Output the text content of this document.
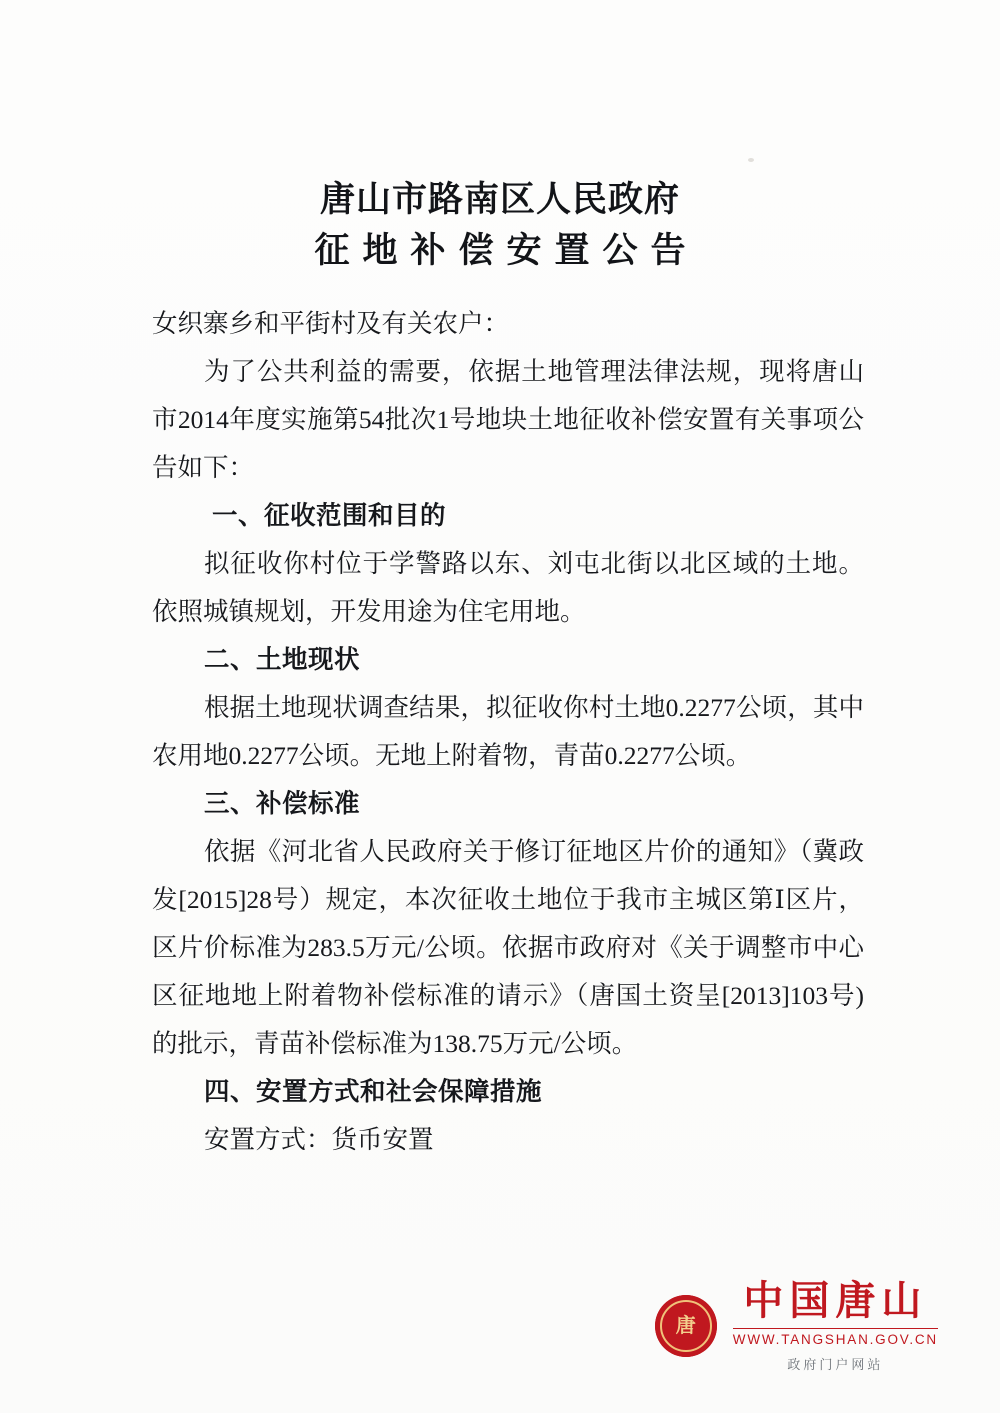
唐山市路南区人民政府
征地补偿安置公告

女织寨乡和平街村及有关农户：

为了公共利益的需要，依据土地管理法律法规，现将唐山市2014年度实施第54批次1号地块土地征收补偿安置有关事项公告如下：

一、征收范围和目的

拟征收你村位于学警路以东、刘屯北街以北区域的土地。依照城镇规划，开发用途为住宅用地。

二、土地现状

根据土地现状调查结果，拟征收你村土地0.2277公顷，其中农用地0.2277公顷。无地上附着物，青苗0.2277公顷。

三、补偿标准

依据《河北省人民政府关于修订征地区片价的通知》（冀政发[2015]28号）规定，本次征收土地位于我市主城区第Ⅰ区片，区片价标准为283.5万元/公顷。依据市政府对《关于调整市中心区征地地上附着物补偿标准的请示》（唐国土资呈[2013]103号)的批示，青苗补偿标准为138.75万元/公顷。

四、安置方式和社会保障措施

安置方式：货币安置

唐
中国唐山
WWW.TANGSHAN.GOV.CN
政府门户网站
